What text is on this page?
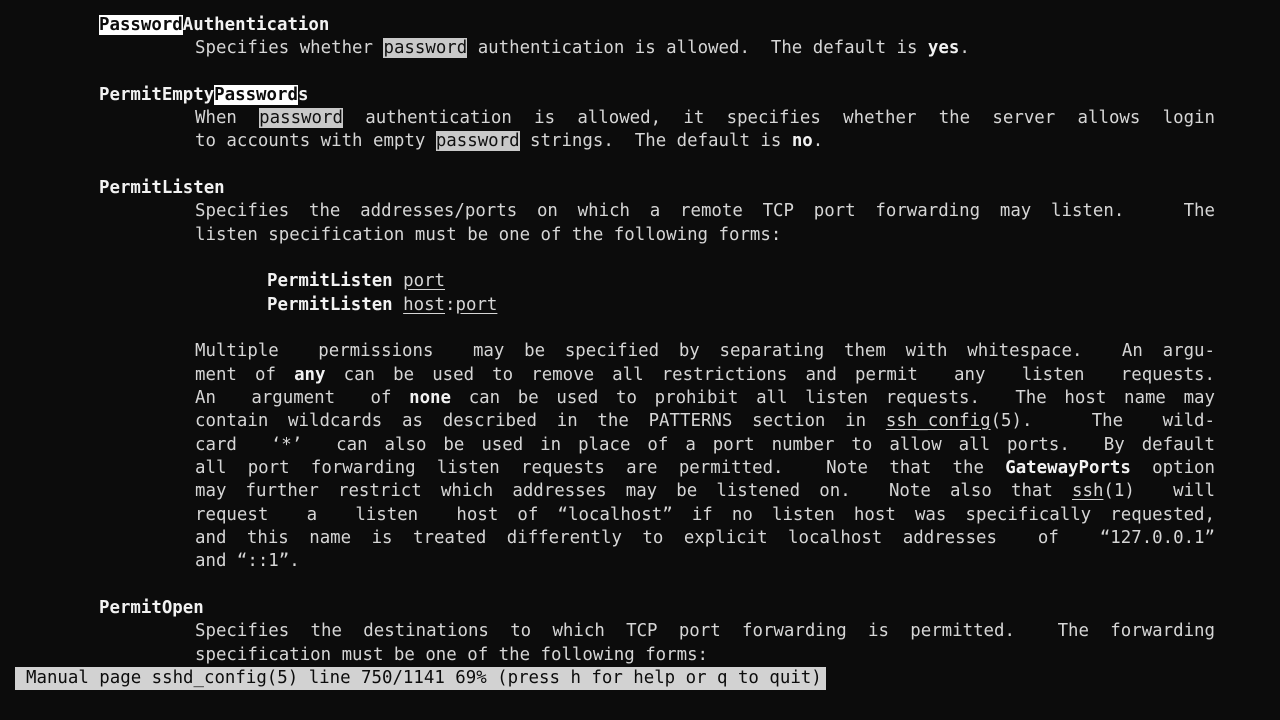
PasswordAuthentication
Specifies whether password authentication is allowed.  The default is yes.
PermitEmptyPasswords
When password authentication is allowed, it specifies whether the server allows login
to accounts with empty password strings.  The default is no.
PermitListen
Specifies the addresses/ports on which a remote TCP port forwarding may listen.   The
listen specification must be one of the following forms:
PermitListen port
PermitListen host:port
Multiple  permissions  may be specified by separating them with whitespace.  An argu-
ment of any can be used to remove all restrictions and permit  any  listen  requests.
An  argument  of none can be used to prohibit all listen requests.  The host name may
contain wildcards as described in the PATTERNS section in ssh_config(5).   The  wild-
card  ‘*’  can also be used in place of a port number to allow all ports.  By default
all port forwarding listen requests are permitted.  Note that the GatewayPorts option
may further restrict which addresses may be listened on.  Note also that ssh(1)  will
request  a  listen  host of “localhost” if no listen host was specifically requested,
and this name is treated differently to explicit localhost addresses  of  “127.0.0.1”
and “::1”.
PermitOpen
Specifies the destinations to which TCP port forwarding is permitted.  The forwarding
specification must be one of the following forms:
Manual page sshd_config(5) line 750/1141 69% (press h for help or q to quit)
